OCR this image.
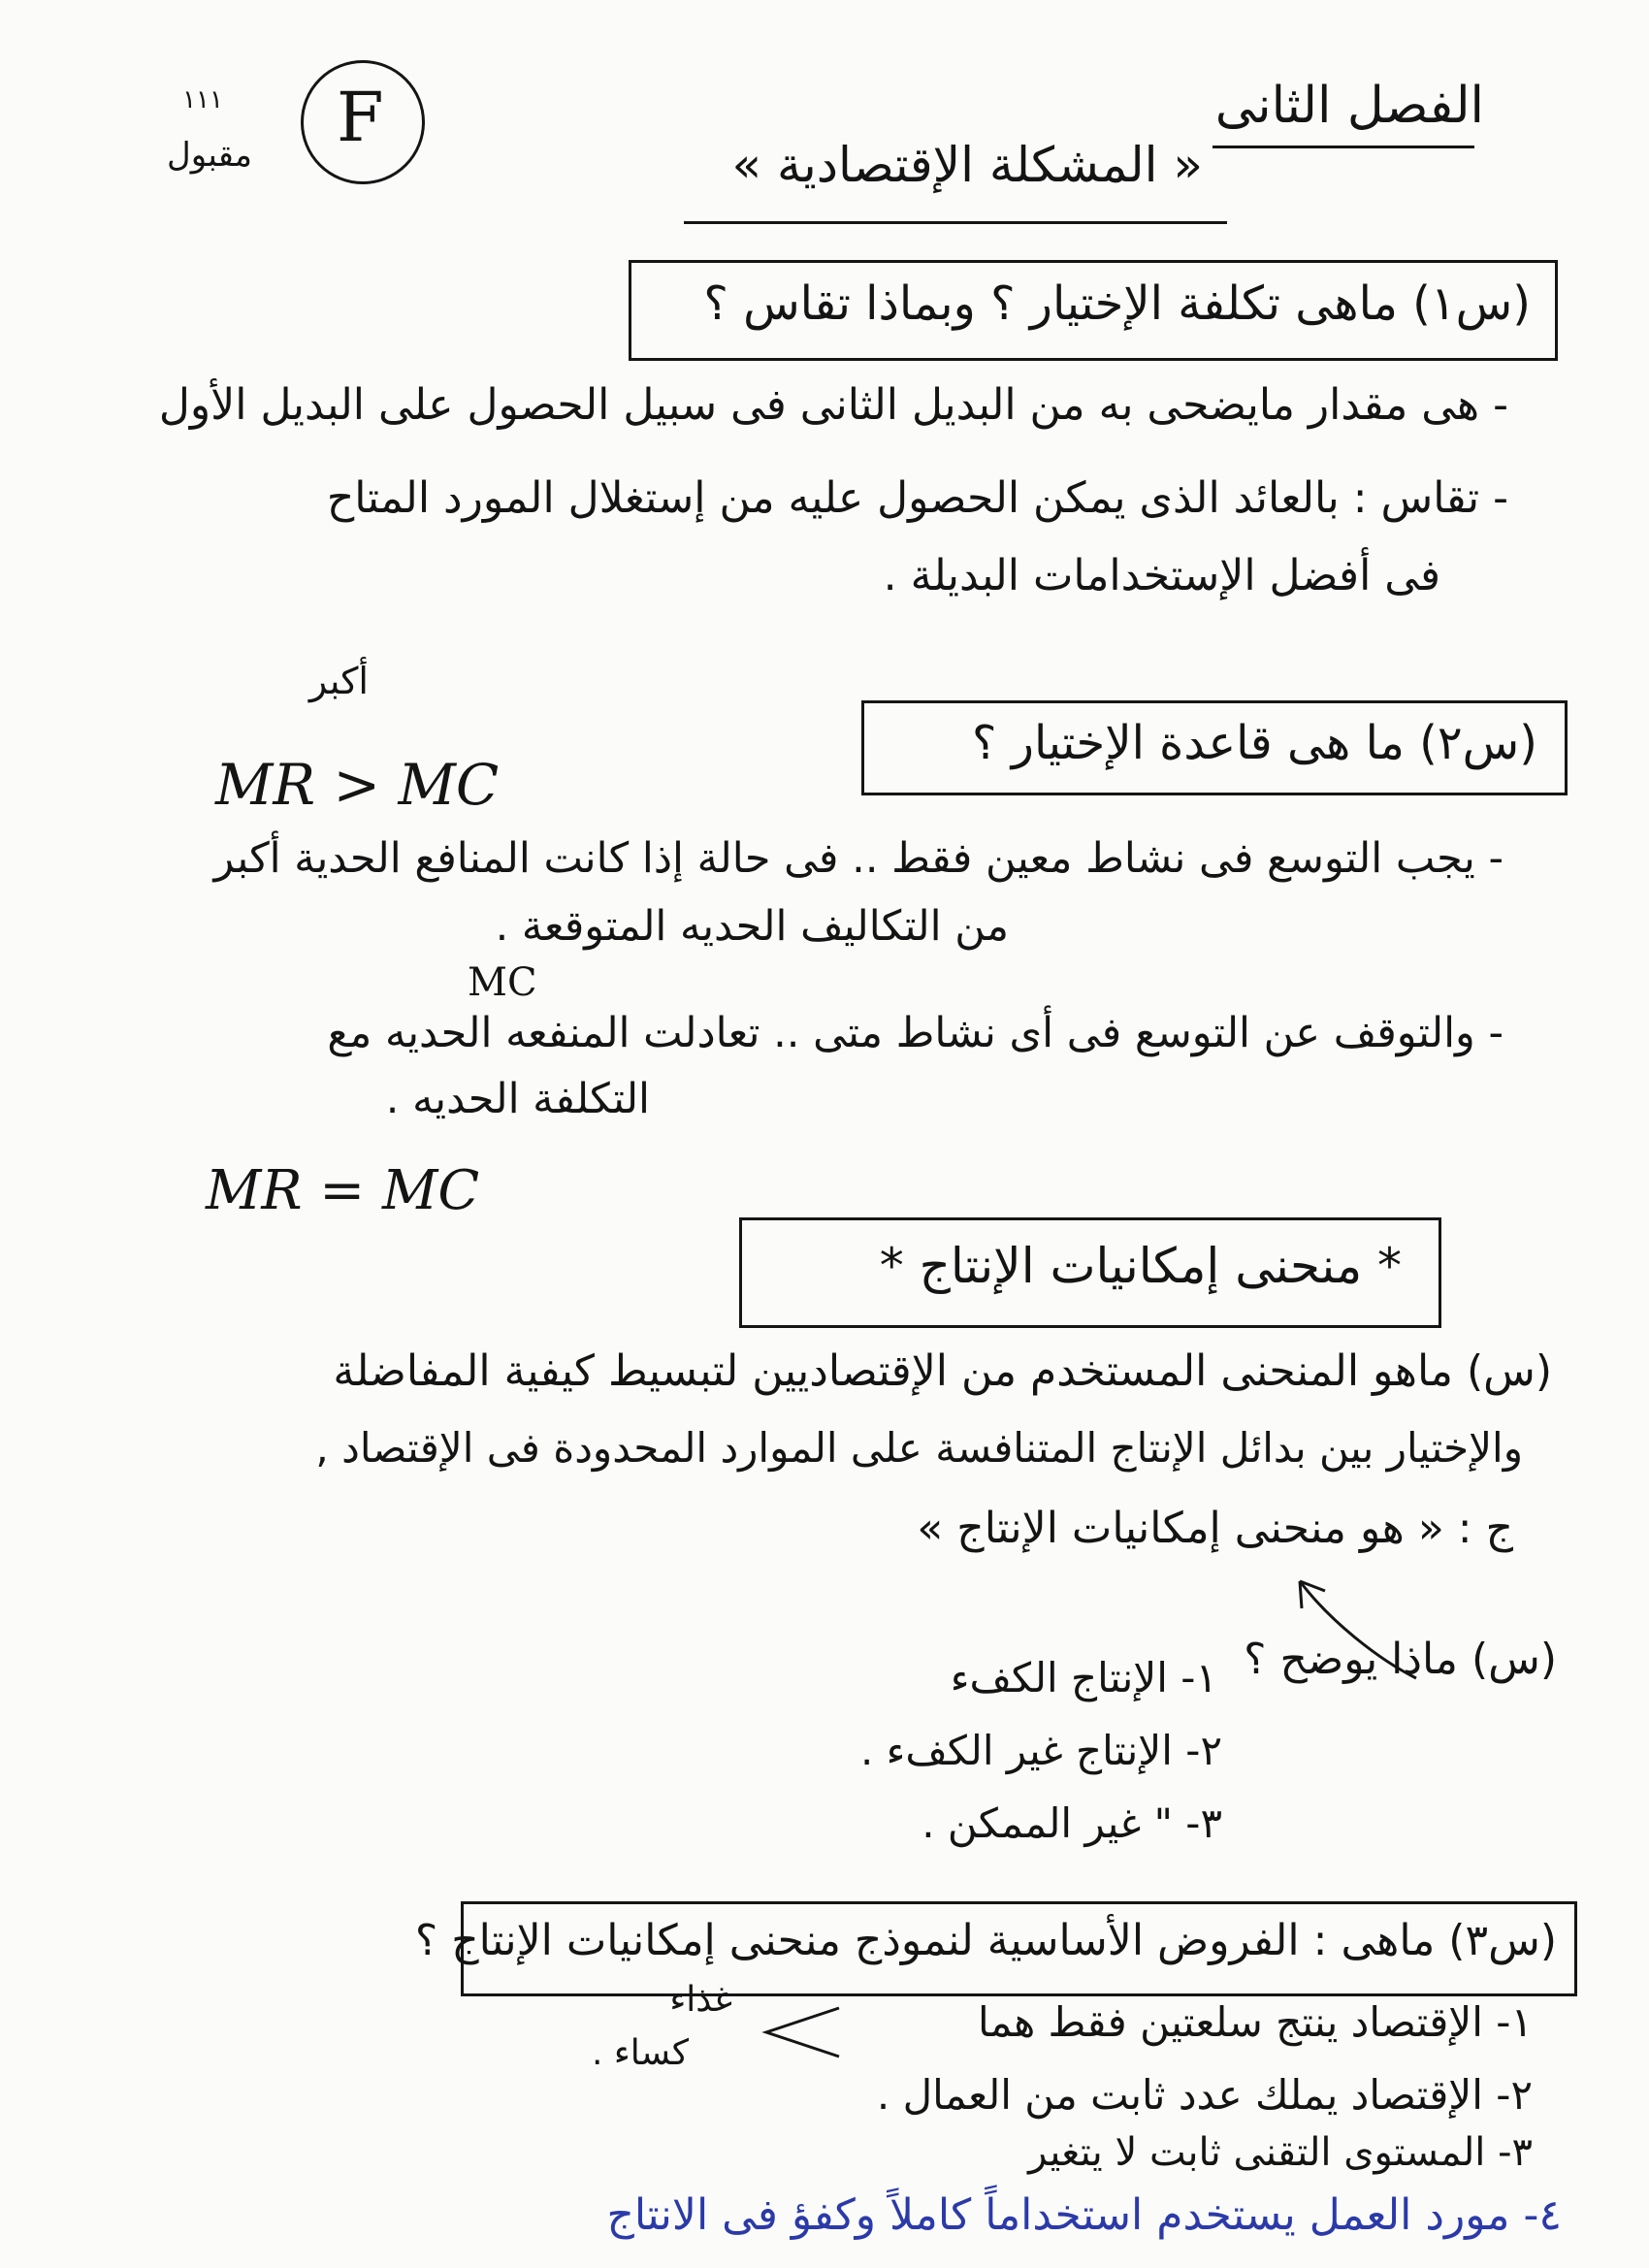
الفصل الثانى
« المشكلة الإقتصادية »
F
مقبول
١١١
(س١) ماهى تكلفة الإختيار ؟ وبماذا تقاس ؟
- هى مقدار مايضحى به من البديل الثانى فى سبيل الحصول على البديل الأول
- تقاس : بالعائد الذى يمكن الحصول عليه من إستغلال المورد المتاح
فى أفضل الإستخدامات البديلة .
(س٢) ما هى قاعدة الإختيار ؟
أكبر
MR > MC
- يجب التوسع فى نشاط معين فقط .. فى حالة إذا كانت المنافع الحدية أكبر
من التكاليف الحديه المتوقعة .
MC
- والتوقف عن التوسع فى أى نشاط متى .. تعادلت المنفعه الحديه مع
التكلفة الحديه .
MR = MC
* منحنى إمكانيات الإنتاج *
(س) ماهو المنحنى المستخدم من الإقتصاديين لتبسيط كيفية المفاضلة
والإختيار بين بدائل الإنتاج المتنافسة على الموارد المحدودة فى الإقتصاد ,
ج : « هو منحنى إمكانيات الإنتاج »
(س) ماذا يوضح ؟
١- الإنتاج الكفء
٢- الإنتاج غير الكفء .
٣- " غير الممكن .
(س٣) ماهى : الفروض الأساسية لنموذج منحنى إمكانيات الإنتاج ؟
١- الإقتصاد ينتج سلعتين فقط هما
غذاء
كساء .
٢- الإقتصاد يملك عدد ثابت من العمال .
٣- المستوى التقنى ثابت لا يتغير
٤- مورد العمل يستخدم استخداماً كاملاً وكفؤ فى الانتاج
